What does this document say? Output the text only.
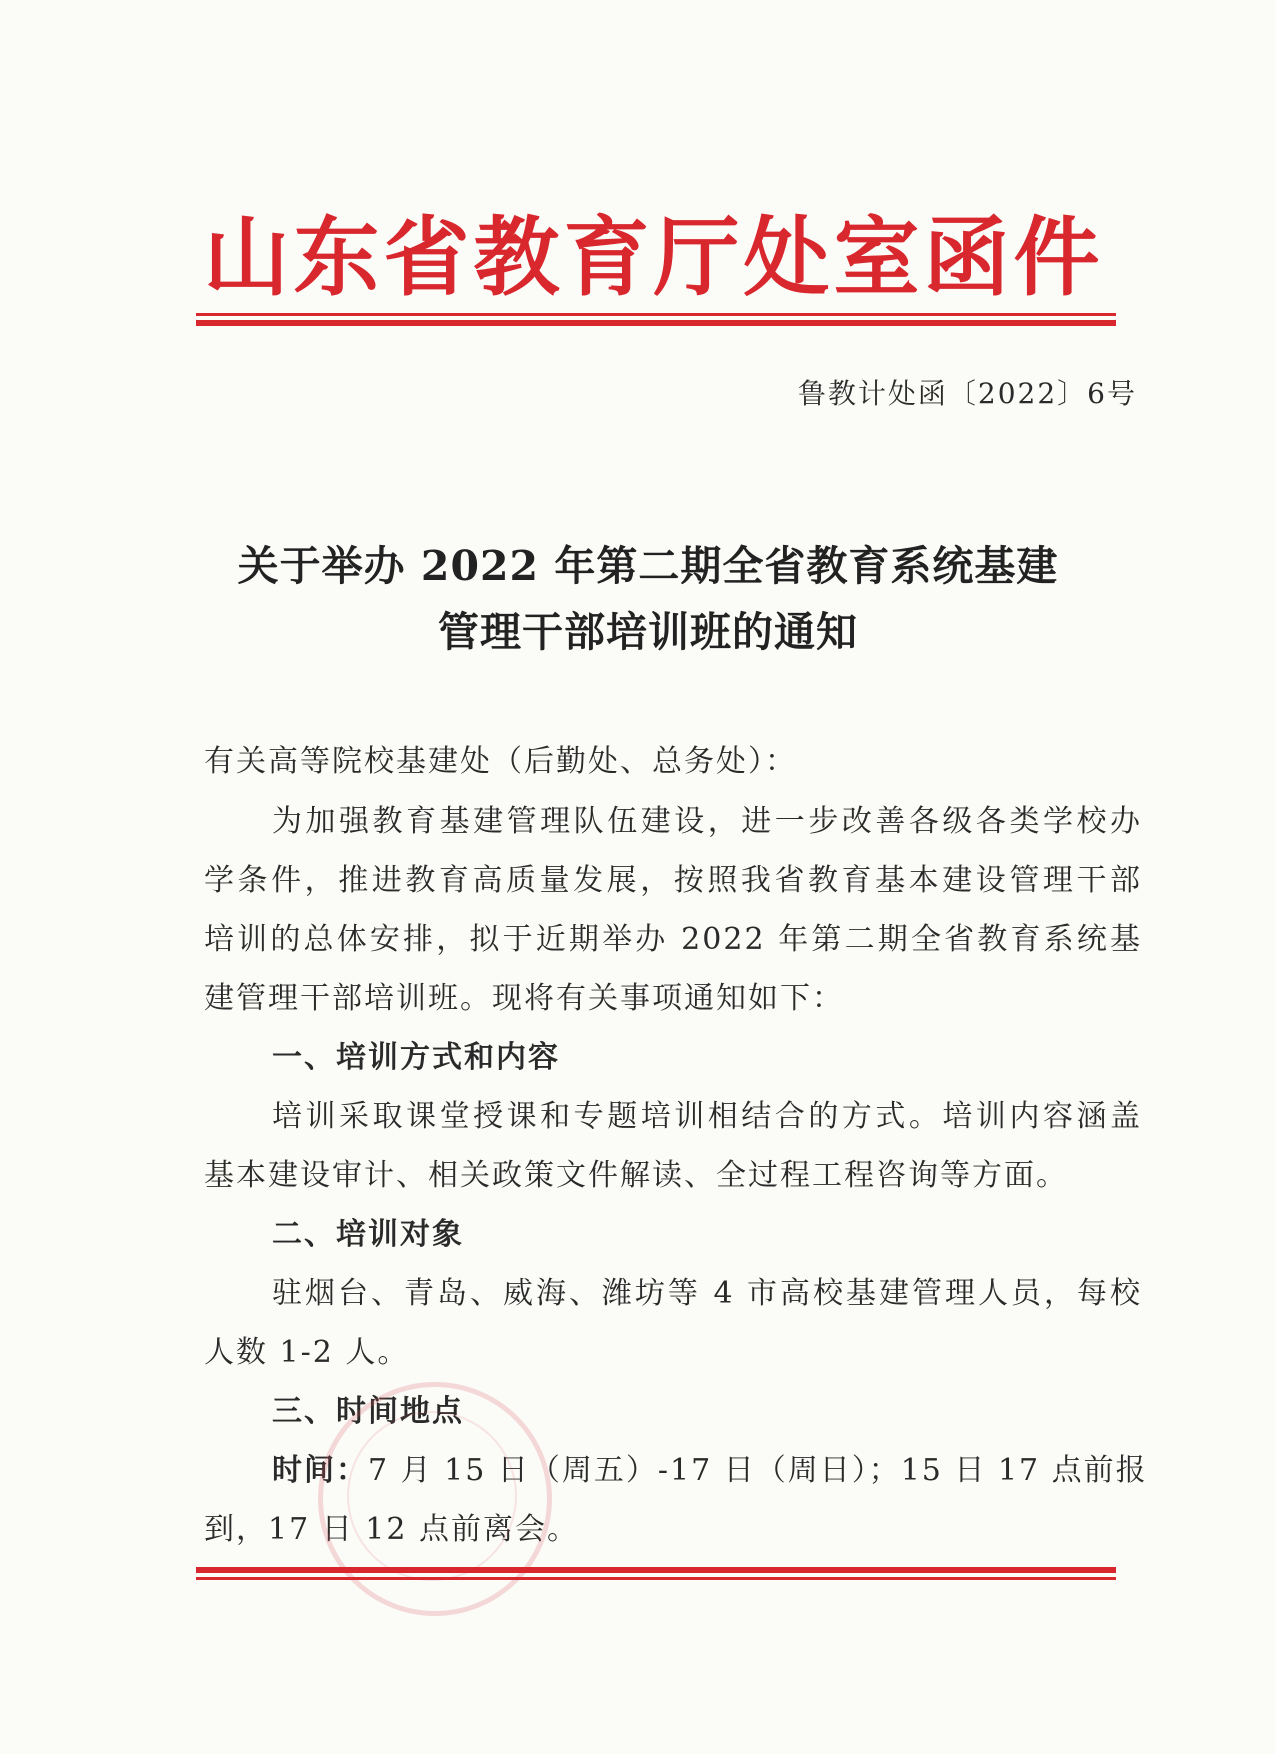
山东省教育厅处室函件
鲁教计处函〔2022〕6号
关于举办 2022 年第二期全省教育系统基建
管理干部培训班的通知
有关高等院校基建处（后勤处、总务处）：
为加强教育基建管理队伍建设，进一步改善各级各类学校办
学条件，推进教育高质量发展，按照我省教育基本建设管理干部
培训的总体安排，拟于近期举办 2022 年第二期全省教育系统基
建管理干部培训班。现将有关事项通知如下：
一、培训方式和内容
培训采取课堂授课和专题培训相结合的方式。培训内容涵盖
基本建设审计、相关政策文件解读、全过程工程咨询等方面。
二、培训对象
驻烟台、青岛、威海、潍坊等 4 市高校基建管理人员，每校
人数 1-2 人。
三、时间地点
时间：7 月 15 日（周五）-17 日（周日）；15 日 17 点前报
到，17 日 12 点前离会。
